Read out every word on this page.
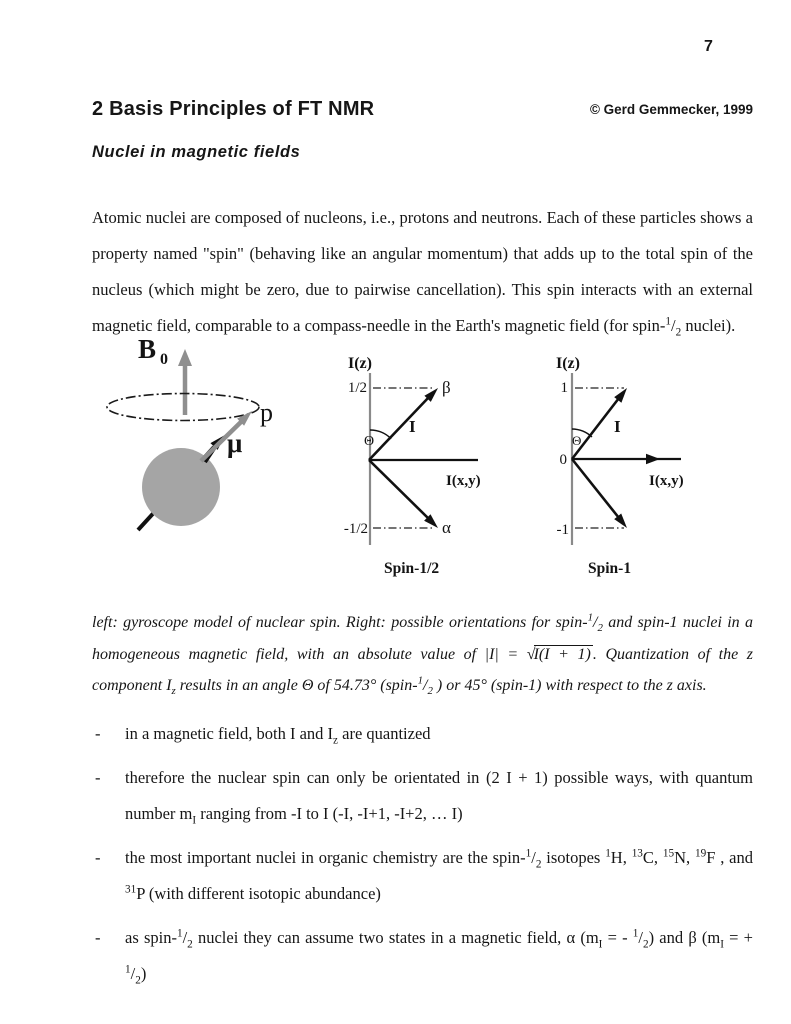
7
2 Basis Principles of FT NMR	© Gerd Gemmecker, 1999
Nuclei in magnetic fields

Atomic nuclei are composed of nucleons, i.e., protons and neutrons. Each of these particles shows a property named "spin" (behaving like an angular momentum) that adds up to the total spin of the nucleus (which might be zero, due to pairwise cancellation). This spin interacts with an external magnetic field, comparable to a compass-needle in the Earth's magnetic field (for spin-$^1/_2$ nuclei).

B 0
p
μ
I(z)
1/2	β
I
Θ
I(x,y)
-1/2	α
Spin-1/2
I(z)
1
I
Θ
0
I(x,y)
-1
Spin-1

left: gyroscope model of nuclear spin. Right: possible orientations for spin-$^1/_2$ and spin-1 nuclei in a homogeneous magnetic field, with an absolute value of |I| = √I(I + 1) . Quantization of the z component $I_z$ results in an angle Θ of 54.73° ($spin-^1/_2$ ) or 45° (spin-1) with respect to the z axis.

- in a magnetic field, both I and $I_z$ are quantized
- therefore the nuclear spin can only be orientated in (2 I + 1) possible ways, with quantum number $m_I$ ranging from -I to I (-I, -I+1, -I+2, … I)
- the most important nuclei in organic chemistry are the spin-$^1/_2$ isotopes $^1$H, $^{13}$C, $^{15}$N, $^{19}$F , and $^{31}$P (with different isotopic abundance)
- as spin-$^1/_2$ nuclei they can assume two states in a magnetic field, α ($m_I$ = - $^1/_2$) and β ($m_I$ = + $^1/_2$)
